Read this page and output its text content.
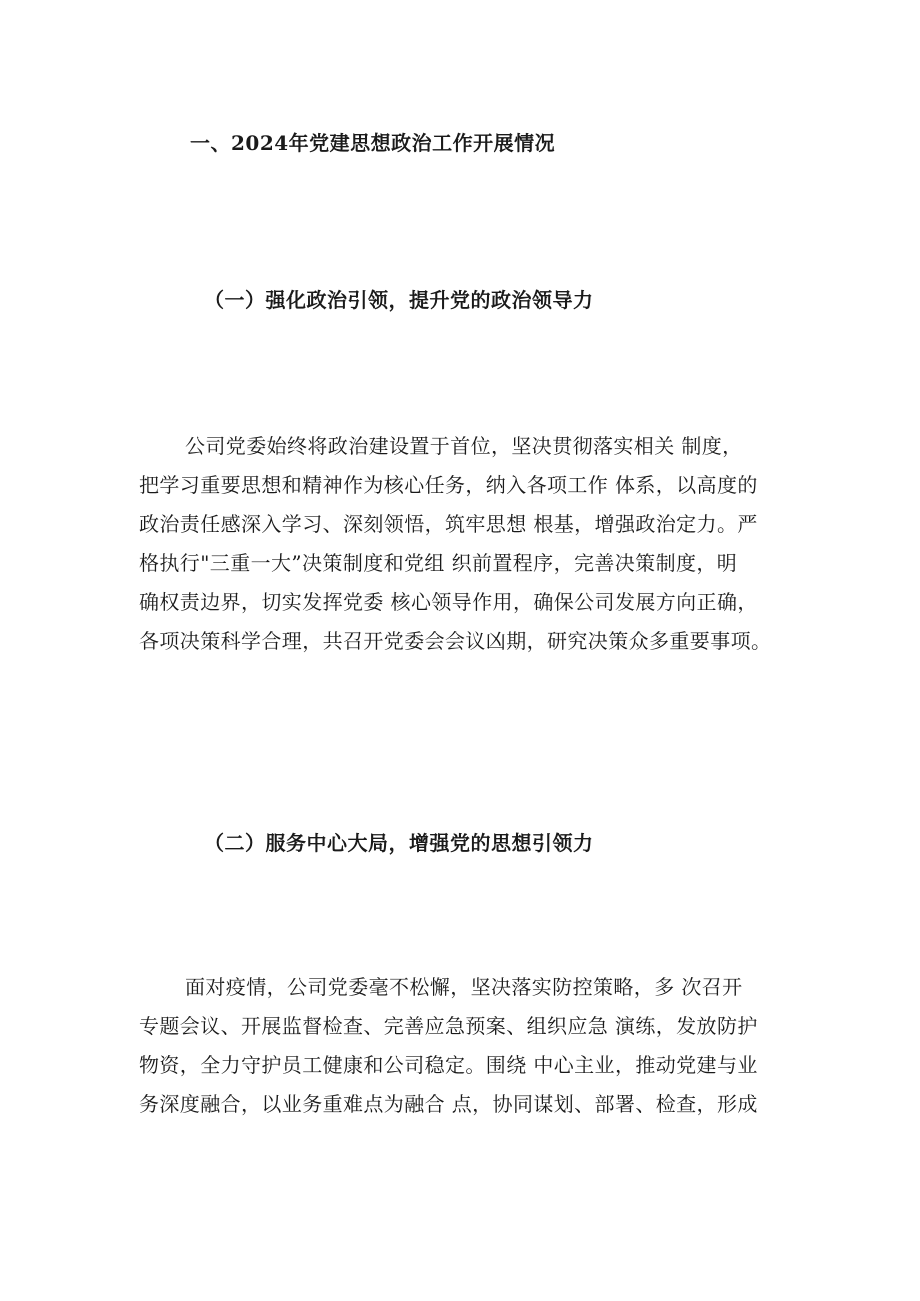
一、2024年党建思想政治工作开展情况
（一）强化政治引领，提升党的政治领导力
公司党委始终将政治建设置于首位，坚决贯彻落实相关 制度，
把学习重要思想和精神作为核心任务，纳入各项工作 体系，以高度的
政治责任感深入学习、深刻领悟，筑牢思想 根基，增强政治定力。严
格执行"三重一大”决策制度和党组 织前置程序，完善决策制度，明
确权责边界，切实发挥党委 核心领导作用，确保公司发展方向正确，
各项决策科学合理，共召开党委会会议凶期，研究决策众多重要事项。
（二）服务中心大局，增强党的思想引领力
面对疫情，公司党委毫不松懈，坚决落实防控策略，多 次召开
专题会议、开展监督检查、完善应急预案、组织应急 演练，发放防护
物资，全力守护员工健康和公司稳定。围绕 中心主业，推动党建与业
务深度融合，以业务重难点为融合 点，协同谋划、部署、检查，形成
